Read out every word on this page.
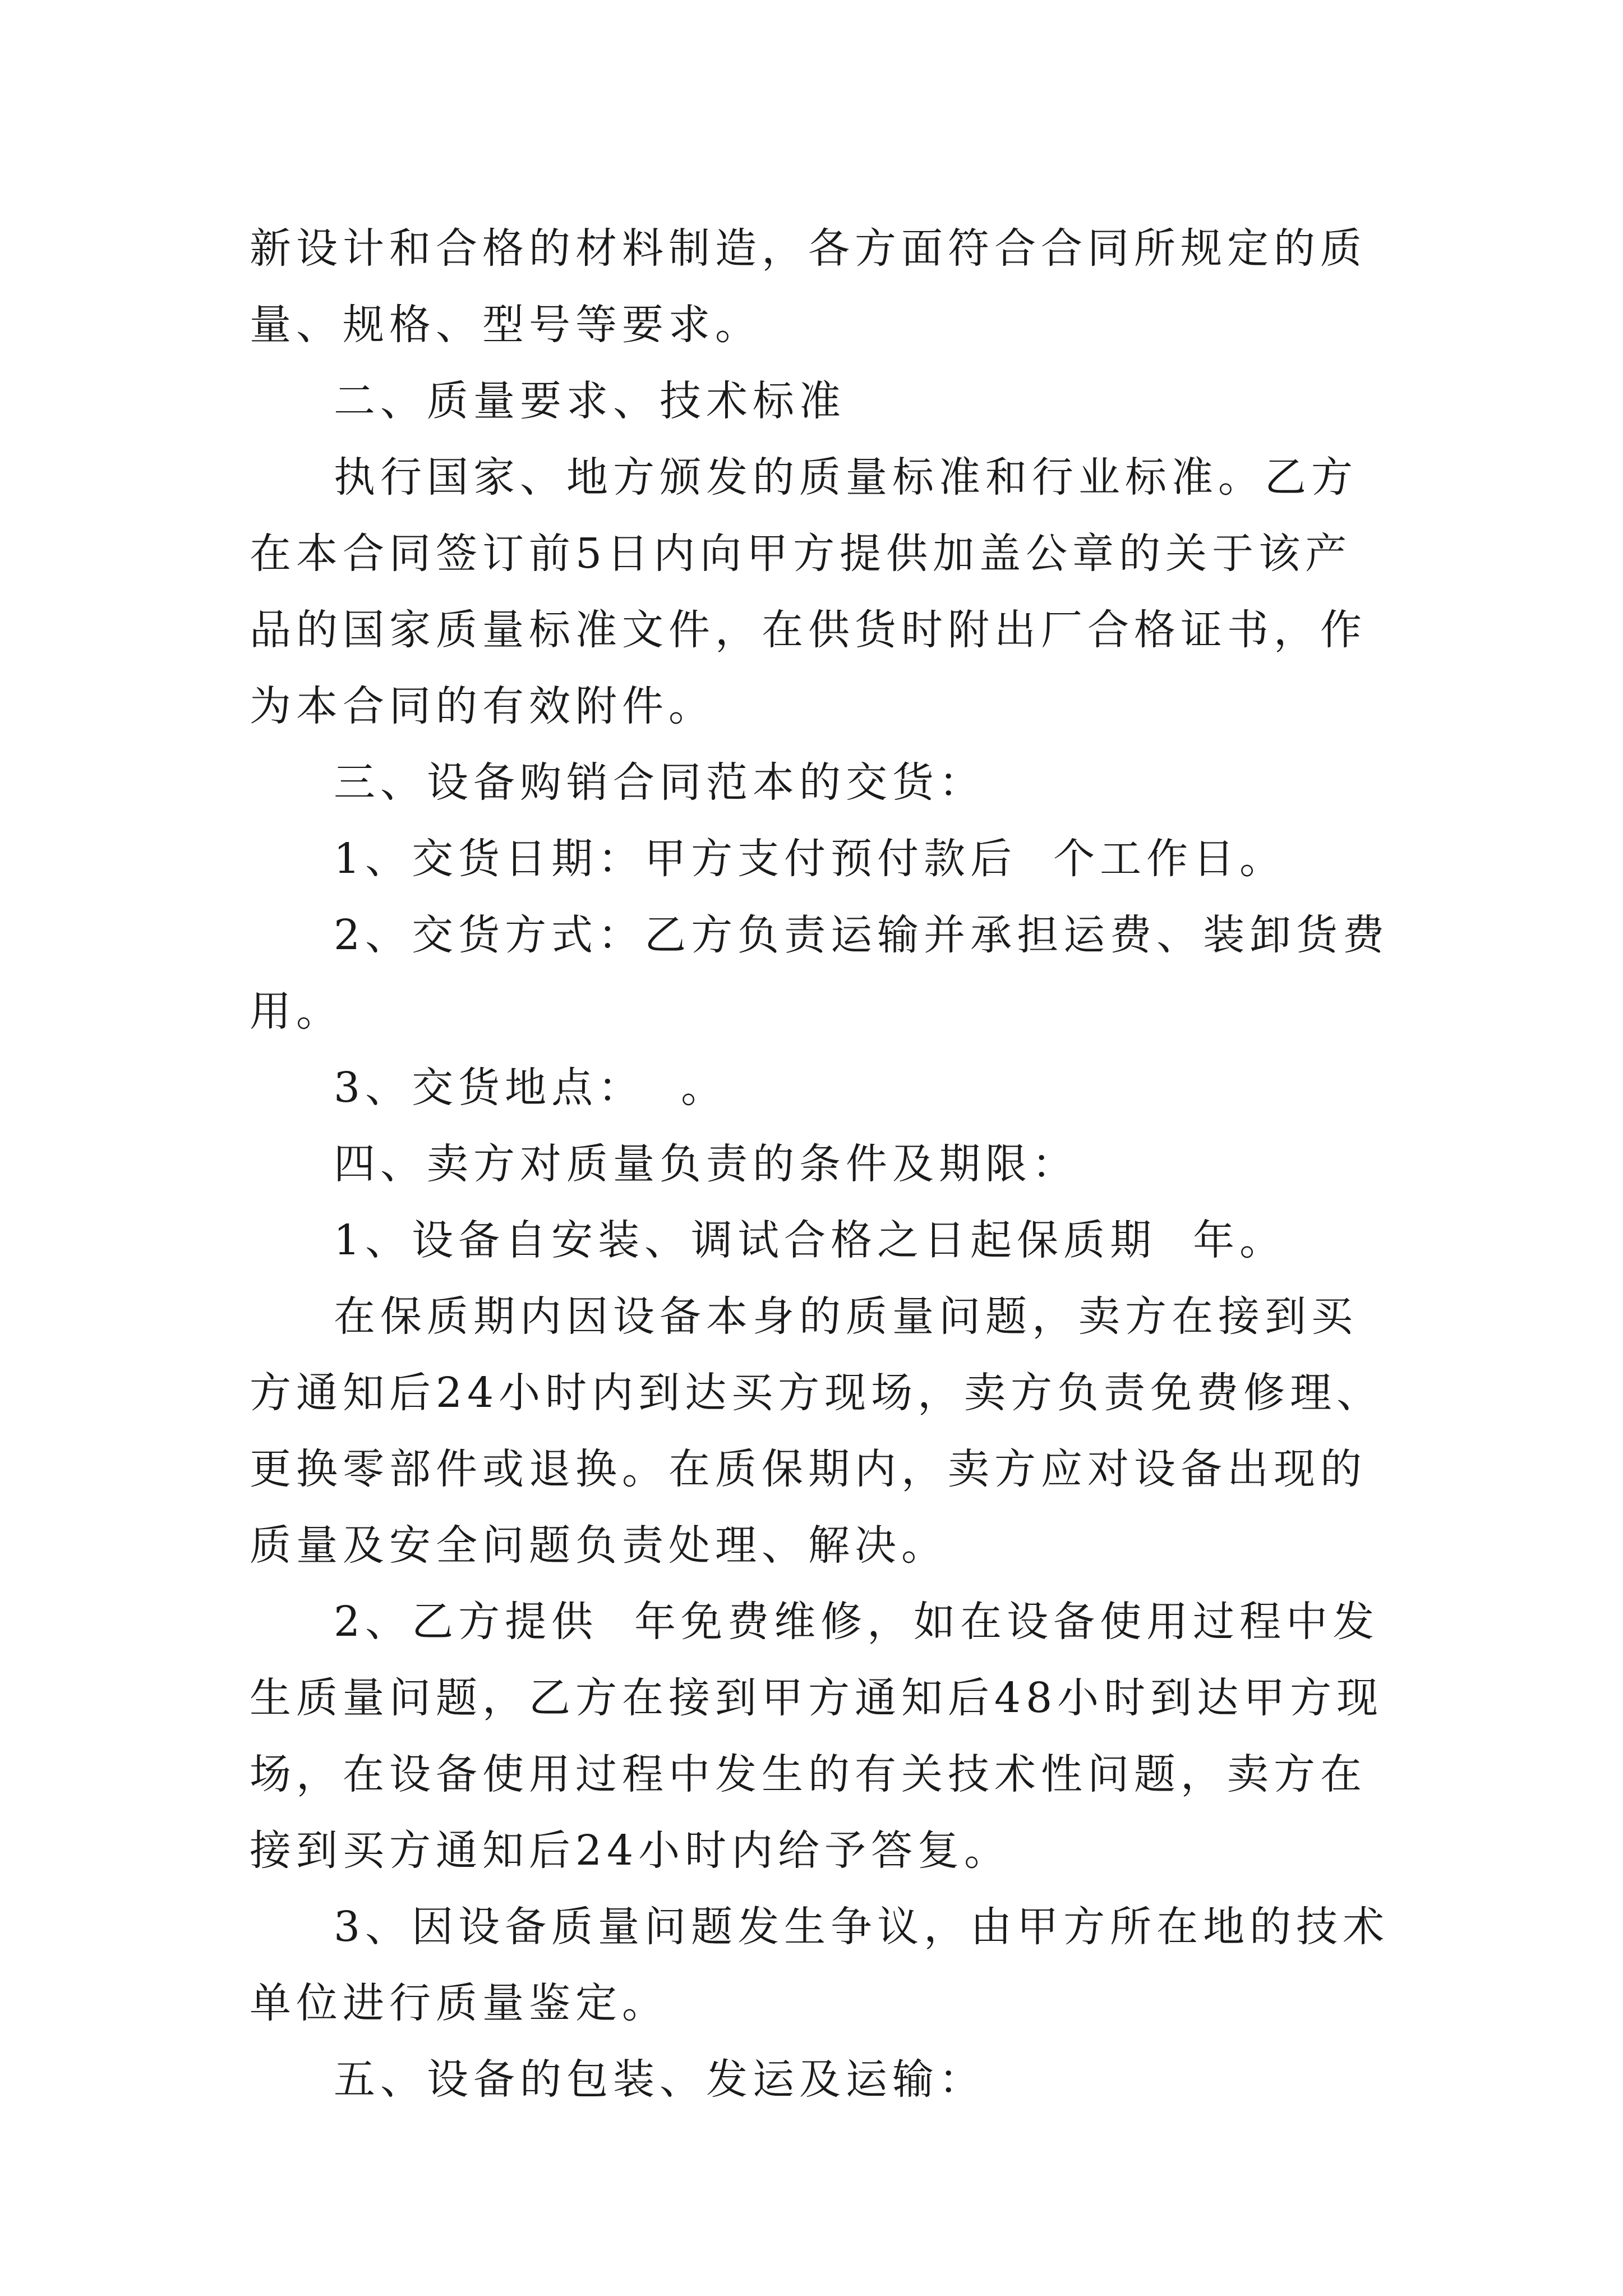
新设计和合格的材料制造，各方面符合合同所规定的质量、规格、型号等要求。

二、质量要求、技术标准

执行国家、地方颁发的质量标准和行业标准。乙方在本合同签订前5日内向甲方提供加盖公章的关于该产品的国家质量标准文件，在供货时附出厂合格证书，作为本合同的有效附件。

三、设备购销合同范本的交货：

1、交货日期：甲方支付预付款后  个工作日。

2、交货方式：乙方负责运输并承担运费、装卸货费用。

3、交货地点：  。

四、卖方对质量负责的条件及期限：

1、设备自安装、调试合格之日起保质期  年。

在保质期内因设备本身的质量问题，卖方在接到买方通知后24小时内到达买方现场，卖方负责免费修理、更换零部件或退换。在质保期内，卖方应对设备出现的质量及安全问题负责处理、解决。

2、乙方提供  年免费维修，如在设备使用过程中发生质量问题，乙方在接到甲方通知后48小时到达甲方现场，在设备使用过程中发生的有关技术性问题，卖方在接到买方通知后24小时内给予答复。

3、因设备质量问题发生争议，由甲方所在地的技术单位进行质量鉴定。

五、设备的包装、发运及运输：
